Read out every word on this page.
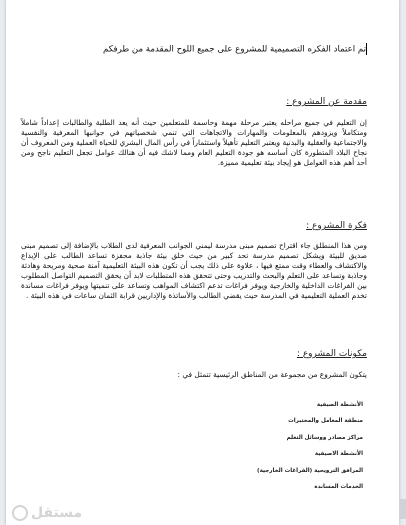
تم اعتماد الفكره التصميمية للمشروع على جميع اللوح المقدمة من طرفكم
مقدمة عن المشروع :
إن التعليم في جميع مراحله يعتبر مرحلة مهمة وحاسمة للمتعلمين حيث أنه يعد الطلبة والطالبات إعداداً شاملاً ومتكاملاً ويزودهم بالمعلومات والمهارات والاتجاهات التي تنمي شخصياتهم في جوانبها المعرفية والنفسية والاجتماعية والعقلية والبدنية ويعتبر التعليم تأهيلاً واستثماراً في رأس المال البشري للحياة العملية ومن المعروف أن نجاح البلاد المتطورة كان أساسه هو جودة التعليم العام ومما لاشك فيه أن هنالك عوامل تجعل التعليم ناجح ومن أحد أهم هذه العوامل هو إيجاد بيئة تعليمية مميزة.
فكرة المشروع :
ومن هذا المنطلق جاء اقتراح تصميم مبنى مدرسة ليمني الجوانب المعرفية لدى الطلاب بالإضافة إلى تصميم مبنى صديق للبيئة ويشكل تصميم مدرسة تحد كبير من حيث خلق بيئة جاذبة محفزة تساعد الطالب على الإبداع والاكتشاف والعطاء وقت ممتع فيها ، علاوة على ذلك يجب أن تكون هذه البيئة التعليمية آمنة صحية ومريحة وهادئة وجاذبة وتساعد على التعلم والبحث والتدريب وحتى تتحقق هذه المتطلبات لابد أن يحقق التصميم التواصل المطلوب بين الفراغات الداخلية والخارجية ويوفر فراغات تدعم اكتشاف المواهب وتساعد على تنميتها ويوفر فراغات مساندة تخدم العملية التعليمية في المدرسة حيث يقضي الطالب والأساتذة والإداريين قرابة الثمان ساعات في هذه البيئة .
مكونات المشروع :
يتكون المشروع من مجموعة من المناطق الرئيسية تتمثل في :
الأنشطة الصيفية
منطقة المعامل والمختبرات
مراكز مصادر ووسائل التعلم
الأنشطة الاصيفية
المرافق الترويحية (الفراغات الخارجية)
الخدمات المساندة
مستقل
